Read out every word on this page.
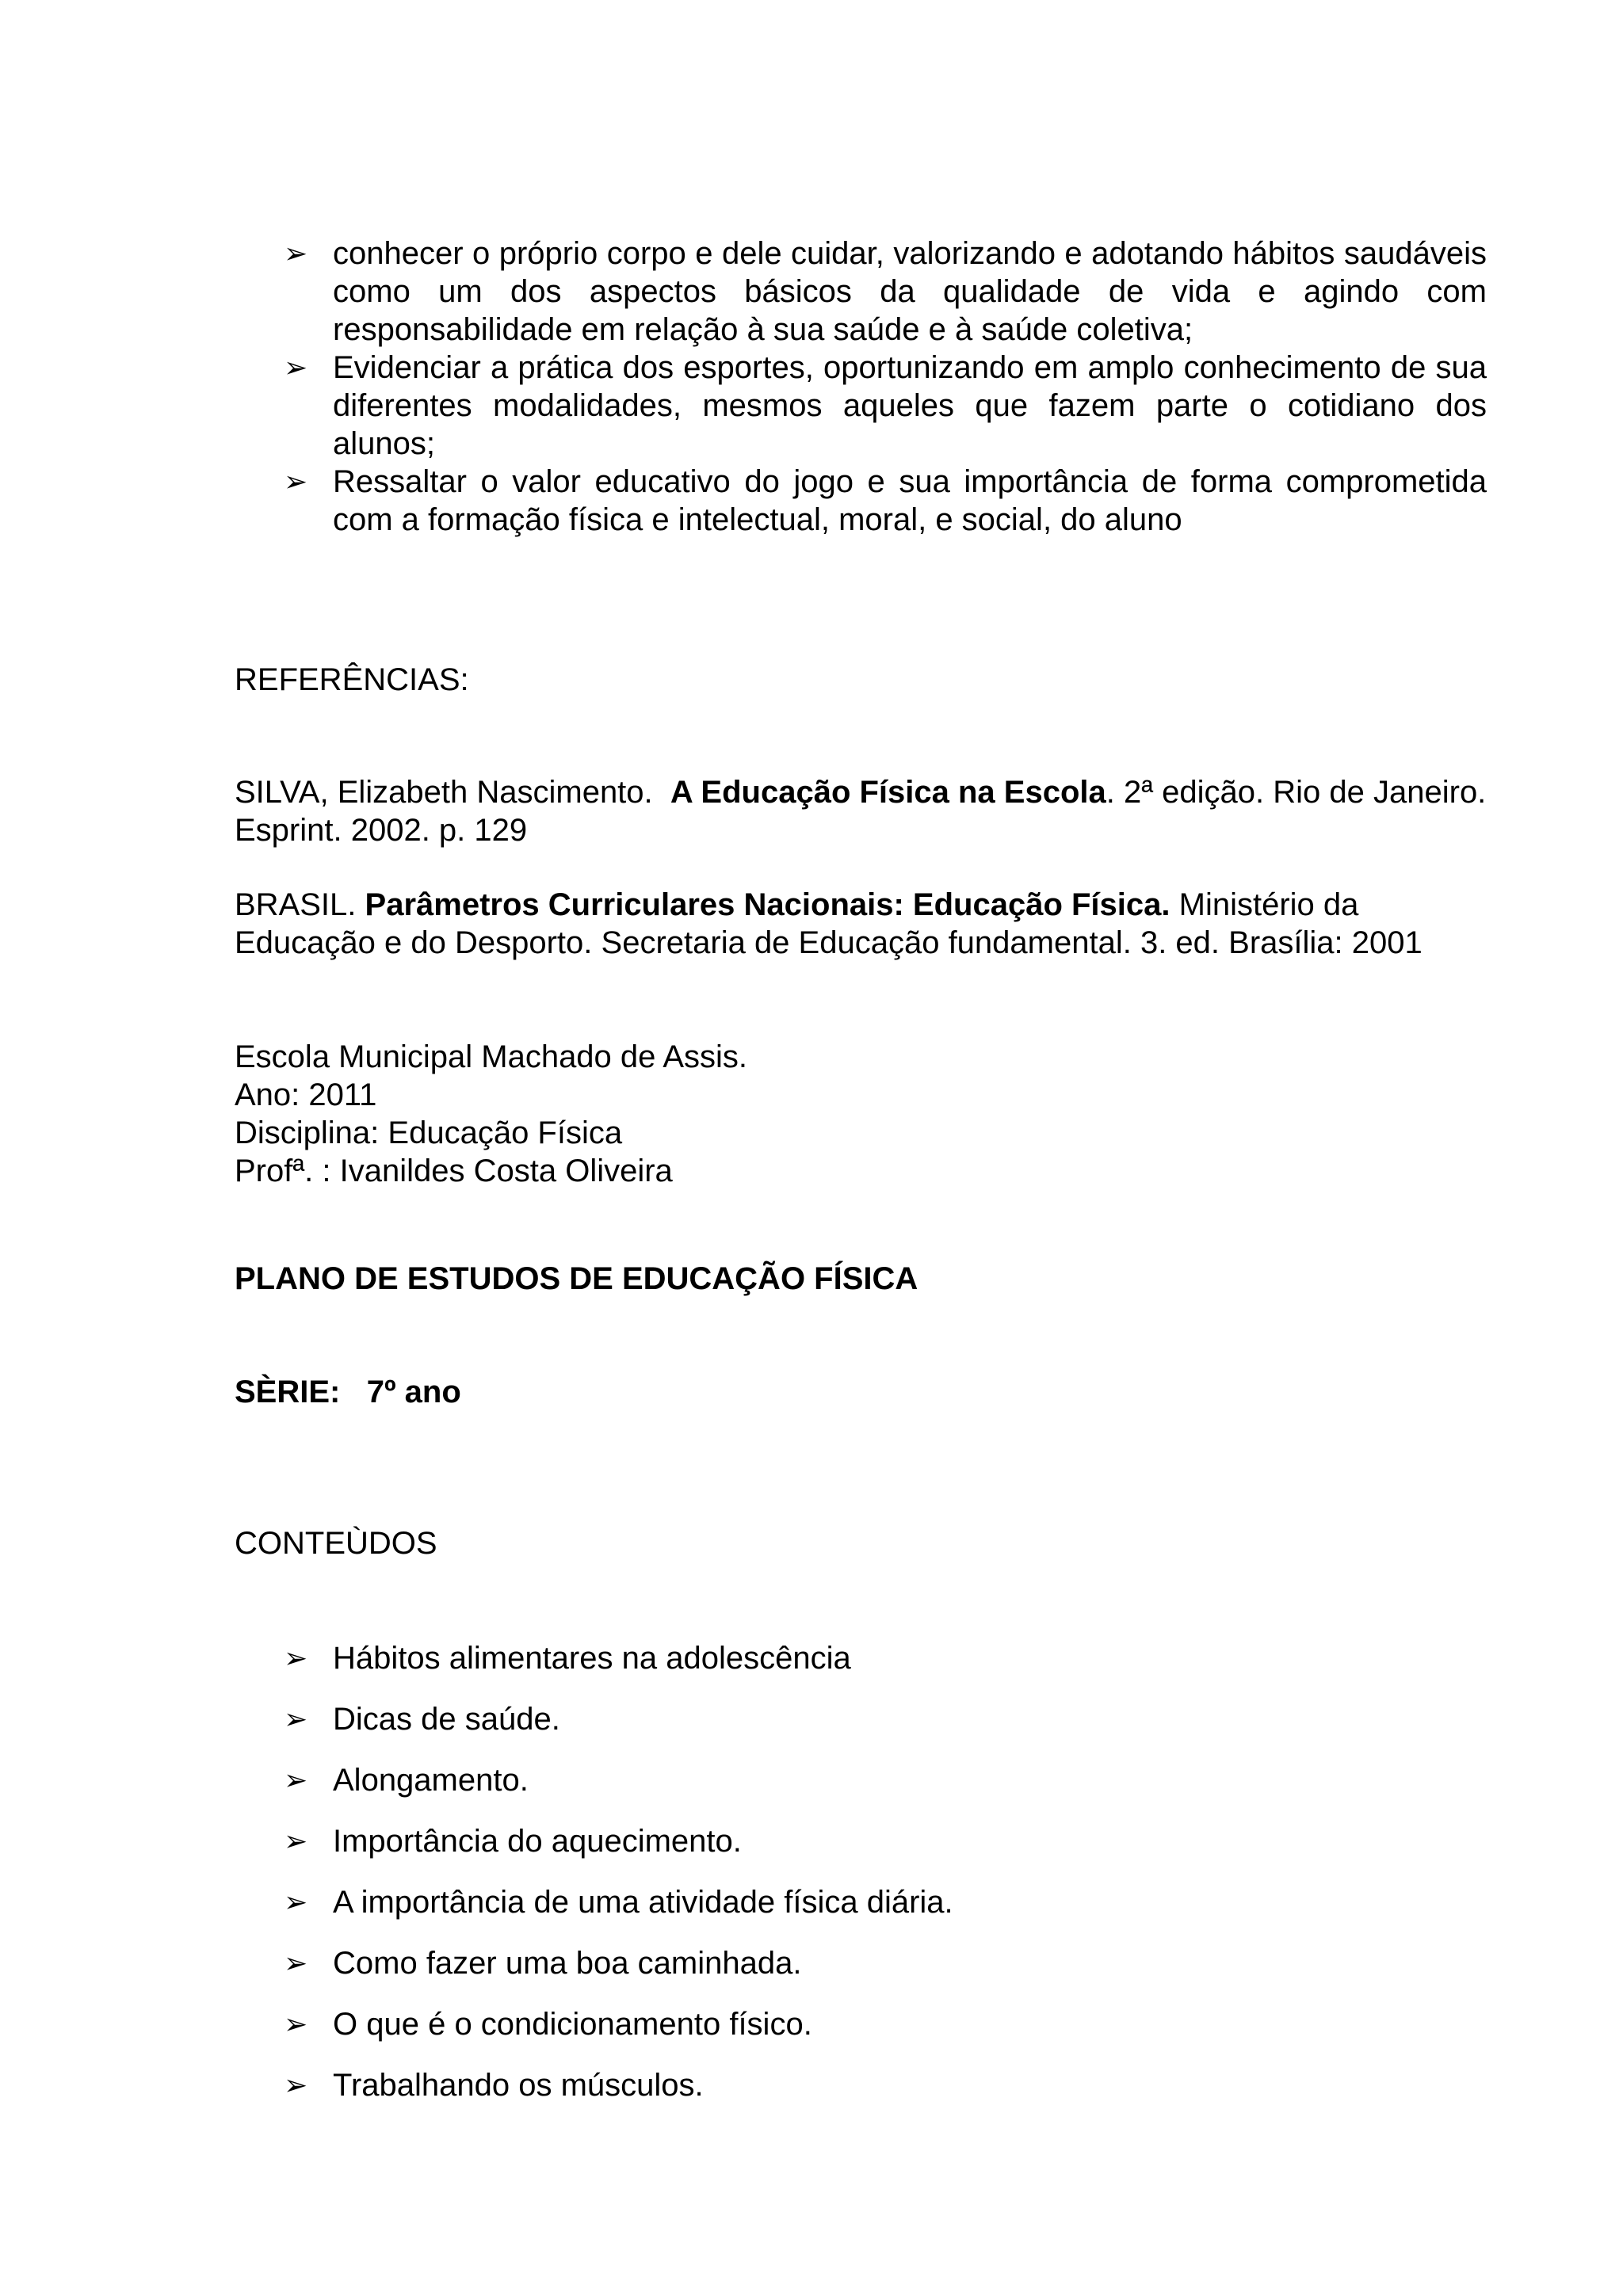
➢ conhecer o próprio corpo e dele cuidar, valorizando e adotando hábitos saudáveis como um dos aspectos básicos da qualidade de vida e agindo com responsabilidade em relação à sua saúde e à saúde coletiva;
➢ Evidenciar a prática dos esportes, oportunizando em amplo conhecimento de sua diferentes modalidades, mesmos aqueles que fazem parte o cotidiano dos alunos;
➢ Ressaltar o valor educativo do jogo e sua importância de forma comprometida com a formação física e intelectual, moral, e social, do aluno
REFERÊNCIAS:

SILVA, Elizabeth Nascimento.  A Educação Física na Escola. 2ª edição. Rio de Janeiro. Esprint. 2002. p. 129

BRASIL. Parâmetros Curriculares Nacionais: Educação Física. Ministério da Educação e do Desporto. Secretaria de Educação fundamental. 3. ed. Brasília: 2001

Escola Municipal Machado de Assis.
Ano: 2011
Disciplina: Educação Física
Profª. : Ivanildes Costa Oliveira
PLANO DE ESTUDOS DE EDUCAÇÃO FÍSICA
SÈRIE:   7º ano
CONTEÙDOS
➢ Hábitos alimentares na adolescência
➢ Dicas de saúde.
➢ Alongamento.
➢ Importância do aquecimento.
➢ A importância de uma atividade física diária.
➢ Como fazer uma boa caminhada.
➢ O que é o condicionamento físico.
➢ Trabalhando os músculos.
